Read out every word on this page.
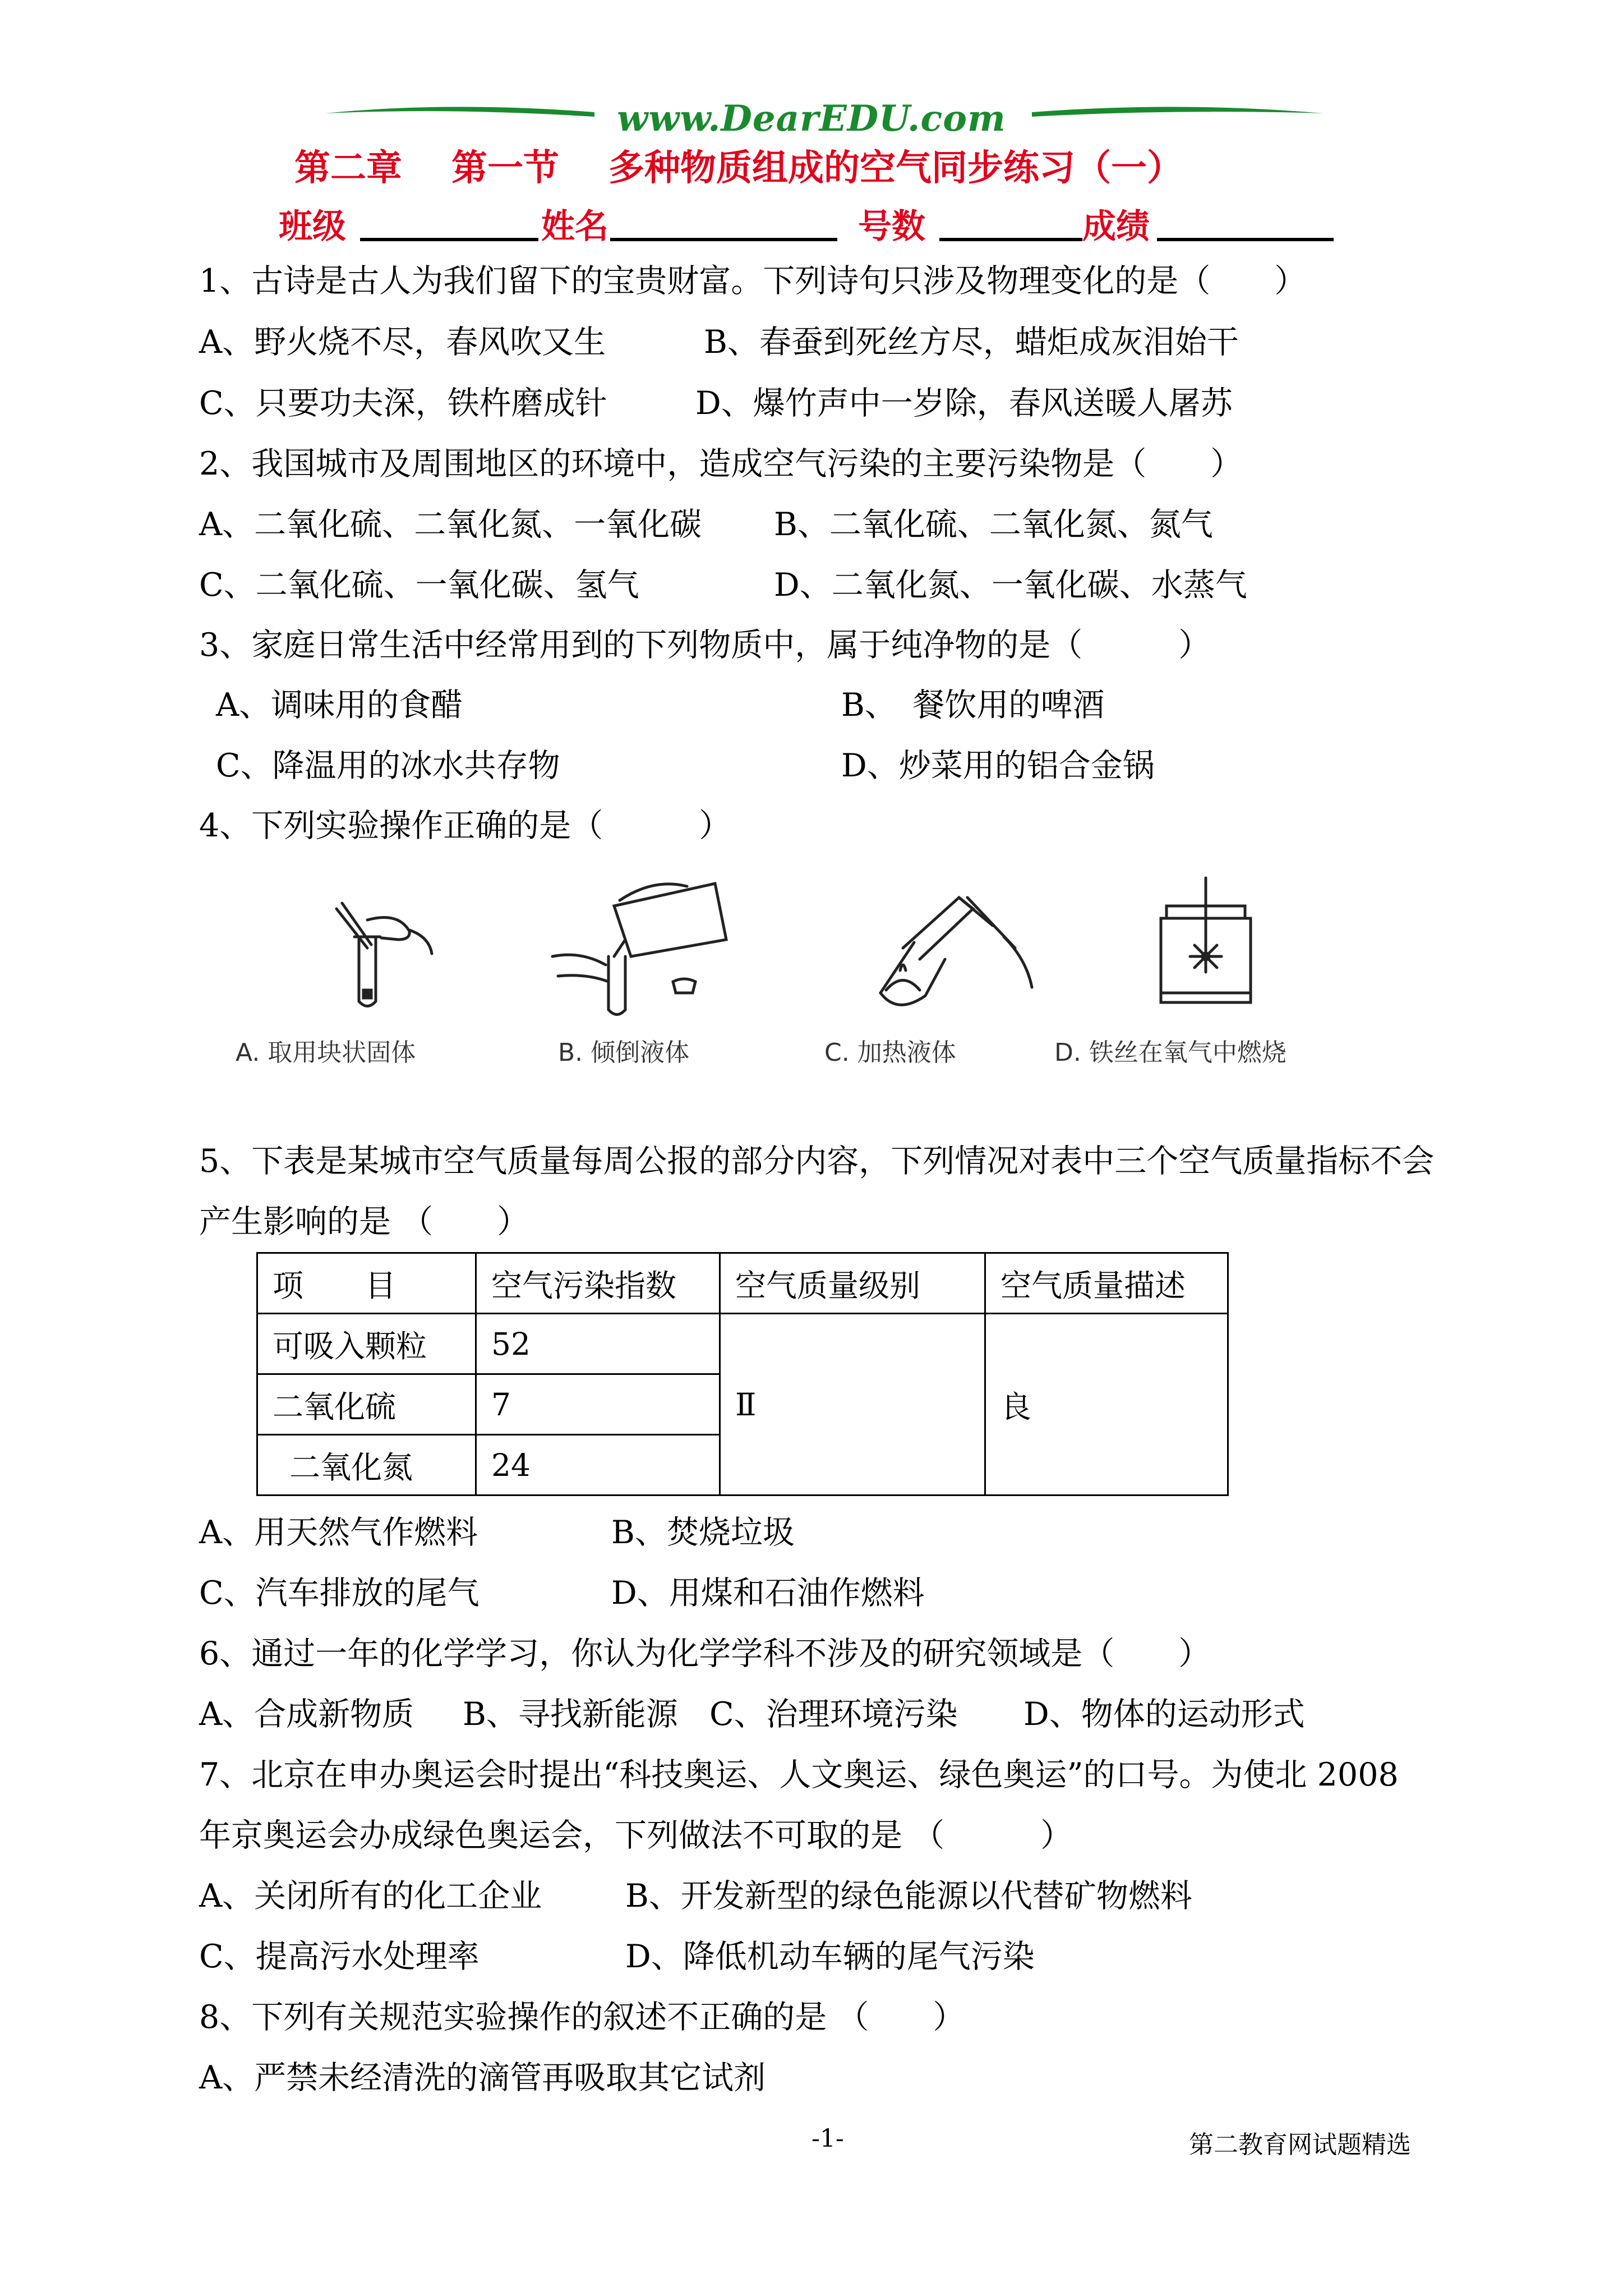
www.DearEDU.com
第二章 第一节 多种物质组成的空气同步练习（一）
班级	姓名	号数	成绩
1、古诗是古人为我们留下的宝贵财富。下列诗句只涉及物理变化的是（　　）
A、野火烧不尽，春风吹又生	B、春蚕到死丝方尽，蜡炬成灰泪始干
C、只要功夫深，铁杵磨成针	D、爆竹声中一岁除，春风送暖人屠苏
2、我国城市及周围地区的环境中，造成空气污染的主要污染物是（　　）
A、二氧化硫、二氧化氮、一氧化碳 B、二氧化硫、二氧化氮、氮气
C、二氧化硫、一氧化碳、氢气	D、二氧化氮、一氧化碳、水蒸气
3、家庭日常生活中经常用到的下列物质中，属于纯净物的是（　　　）
A、调味用的食醋	B、　餐饮用的啤酒
C、降温用的冰水共存物	D、炒菜用的铝合金锅
4、下列实验操作正确的是（　　　）
A. 取用块状固体	B. 倾倒液体	C. 加热液体	D. 铁丝在氧气中燃烧
5、下表是某城市空气质量每周公报的部分内容，下列情况对表中三个空气质量指标不会
产生影响的是 （　　）
项　　目	空气污染指数	空气质量级别	空气质量描述
可吸入颗粒	52	Ⅱ	良
二氧化硫	7		
二氧化氮	24		
A、用天然气作燃料	B、焚烧垃圾
C、汽车排放的尾气	D、用煤和石油作燃料
6、通过一年的化学学习，你认为化学学科不涉及的研究领域是（　　）
A、合成新物质 B、寻找新能源 C、治理环境污染 D、物体的运动形式
7、北京在申办奥运会时提出“科技奥运、人文奥运、绿色奥运”的口号。为使北 2008
年京奥运会办成绿色奥运会，下列做法不可取的是 （　　　）
A、关闭所有的化工企业	B、开发新型的绿色能源以代替矿物燃料
C、提高污水处理率	D、降低机动车辆的尾气污染
8、下列有关规范实验操作的叙述不正确的是 （　　）
A、严禁未经清洗的滴管再吸取其它试剂
-1-	第二教育网试题精选
